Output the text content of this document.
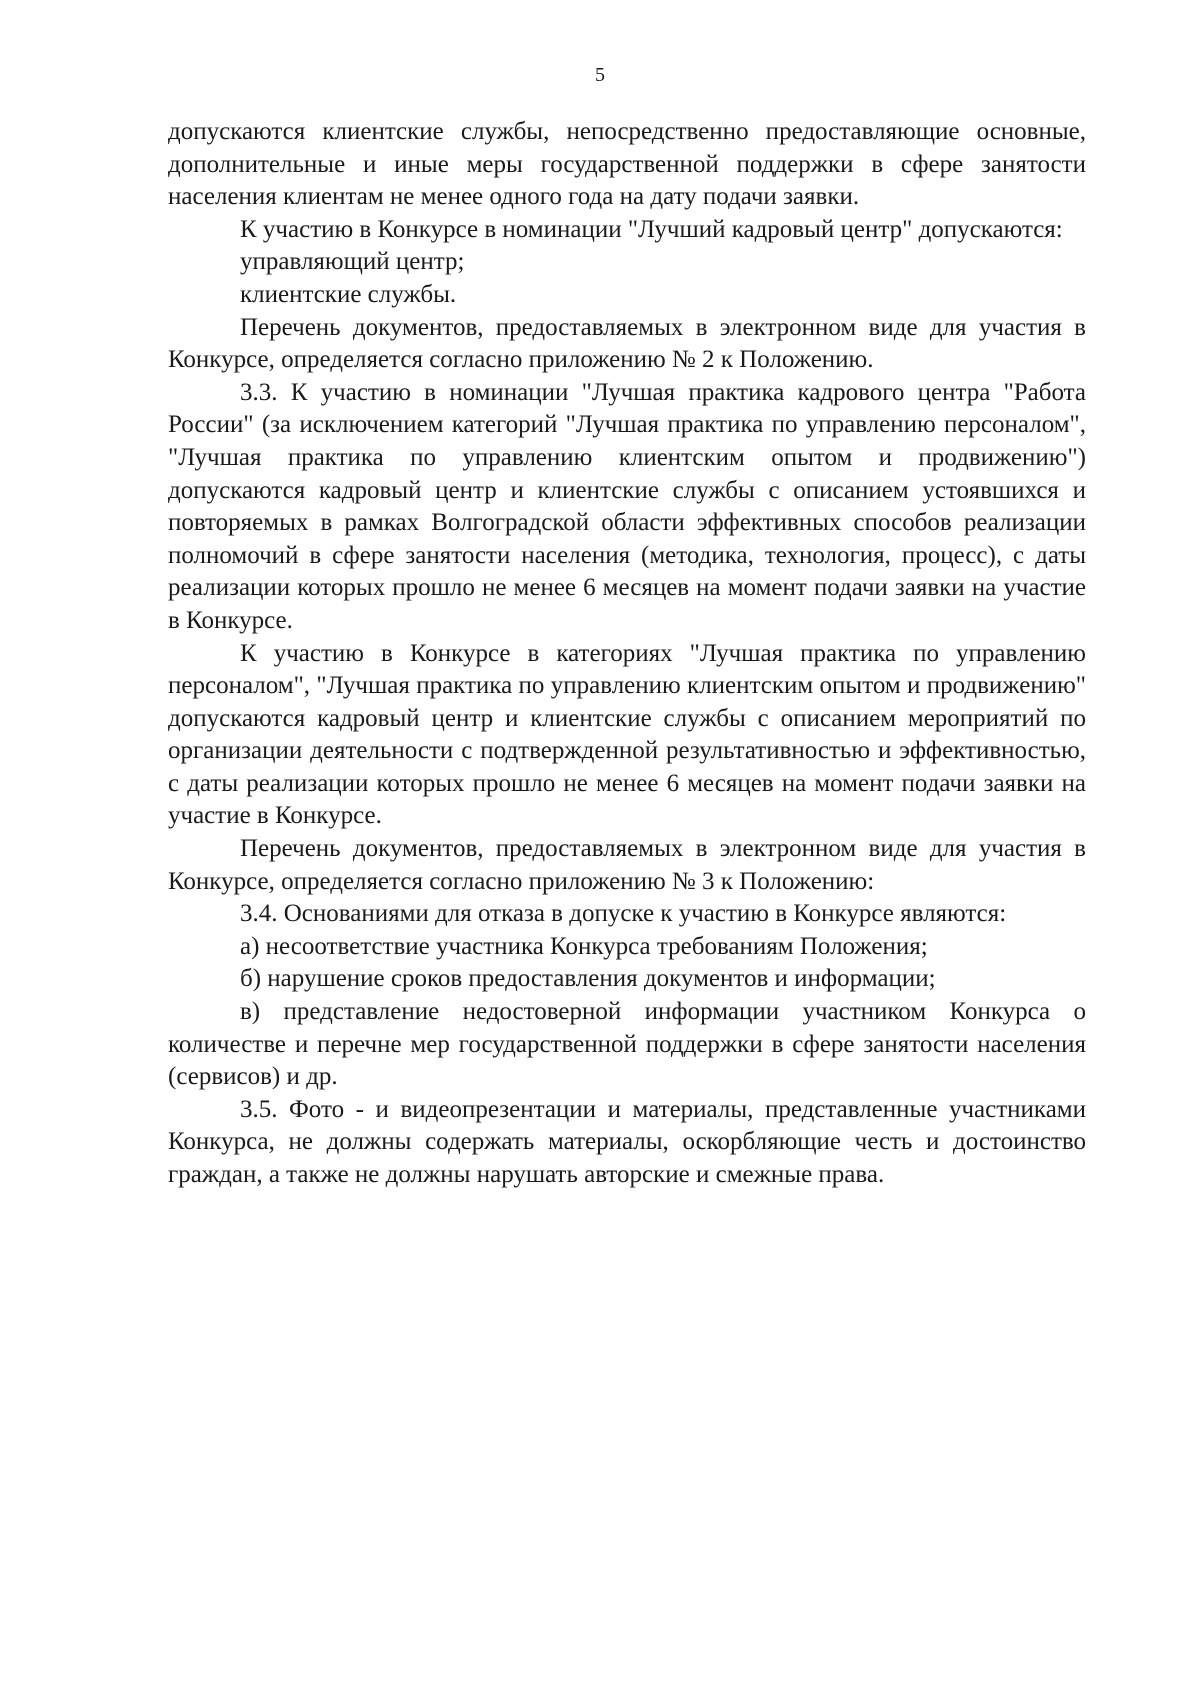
5

допускаются клиентские службы, непосредственно предоставляющие основные, дополнительные и иные меры государственной поддержки в сфере занятости населения клиентам не менее одного года на дату подачи заявки.

К участию в Конкурсе в номинации "Лучший кадровый центр" допускаются:

управляющий центр;

клиентские службы.

Перечень документов, предоставляемых в электронном виде для участия в Конкурсе, определяется согласно приложению № 2 к Положению.

3.3. К участию в номинации "Лучшая практика кадрового центра "Работа России" (за исключением категорий "Лучшая практика по управлению персоналом", "Лучшая практика по управлению клиентским опытом и продвижению") допускаются кадровый центр и клиентские службы с описанием устоявшихся и повторяемых в рамках Волгоградской области эффективных способов реализации полномочий в сфере занятости населения (методика, технология, процесс), с даты реализации которых прошло не менее 6 месяцев на момент подачи заявки на участие в Конкурсе.

К участию в Конкурсе в категориях "Лучшая практика по управлению персоналом", "Лучшая практика по управлению клиентским опытом и продвижению" допускаются кадровый центр и клиентские службы с описанием мероприятий по организации деятельности с подтвержденной результативностью и эффективностью, с даты реализации которых прошло не менее 6 месяцев на момент подачи заявки на участие в Конкурсе.

Перечень документов, предоставляемых в электронном виде для участия в Конкурсе, определяется согласно приложению № 3 к Положению:

3.4. Основаниями для отказа в допуске к участию в Конкурсе являются:

а) несоответствие участника Конкурса требованиям Положения;

б) нарушение сроков предоставления документов и информации;

в) представление недостоверной информации участником Конкурса о количестве и перечне мер государственной поддержки в сфере занятости населения (сервисов) и др.

3.5. Фото - и видеопрезентации и материалы, представленные участниками Конкурса, не должны содержать материалы, оскорбляющие честь и достоинство граждан, а также не должны нарушать авторские и смежные права.
